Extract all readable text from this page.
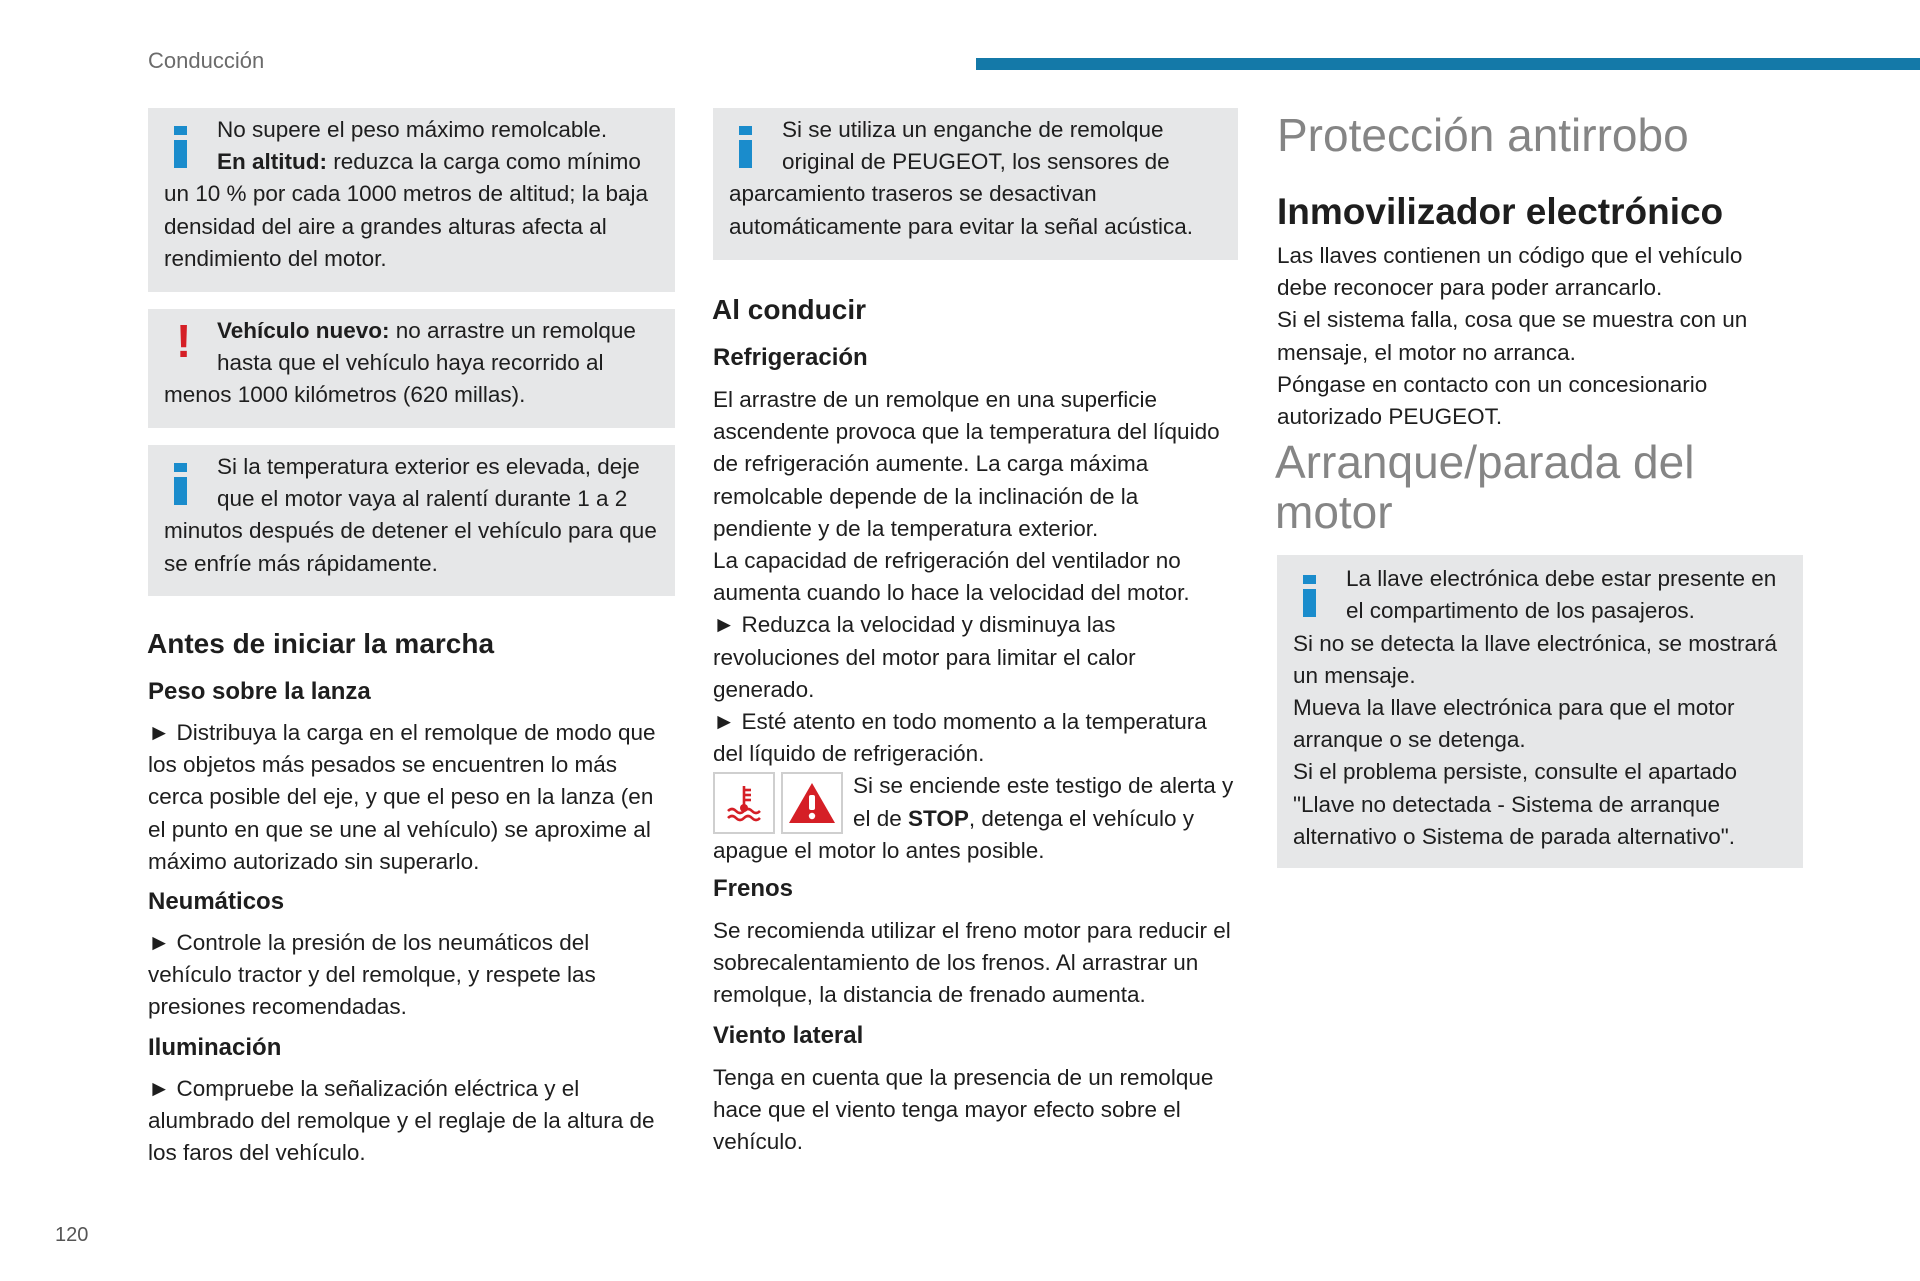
Conducción
120

No supere el peso máximo remolcable.
En altitud: reduzca la carga como mínimo un 10 % por cada 1000 metros de altitud; la baja densidad del aire a grandes alturas afecta al rendimiento del motor.

!	Vehículo nuevo: no arrastre un remolque hasta que el vehículo haya recorrido al menos 1000 kilómetros (620 millas).

Si la temperatura exterior es elevada, deje que el motor vaya al ralentí durante 1 a 2 minutos después de detener el vehículo para que se enfríe más rápidamente.

Antes de iniciar la marcha
Peso sobre la lanza

► Distribuya la carga en el remolque de modo que los objetos más pesados se encuentren lo más cerca posible del eje, y que el peso en la lanza (en el punto en que se une al vehículo) se aproxime al máximo autorizado sin superarlo.

Neumáticos

► Controle la presión de los neumáticos del vehículo tractor y del remolque, y respete las presiones recomendadas.

Iluminación

► Compruebe la señalización eléctrica y el alumbrado del remolque y el reglaje de la altura de los faros del vehículo.

Si se utiliza un enganche de remolque original de PEUGEOT, los sensores de aparcamiento traseros se desactivan automáticamente para evitar la señal acústica.

Al conducir
Refrigeración

El arrastre de un remolque en una superficie ascendente provoca que la temperatura del líquido de refrigeración aumente. La carga máxima remolcable depende de la inclinación de la pendiente y de la temperatura exterior.

La capacidad de refrigeración del ventilador no aumenta cuando lo hace la velocidad del motor.

► Reduzca la velocidad y disminuya las revoluciones del motor para limitar el calor generado.

► Esté atento en todo momento a la temperatura del líquido de refrigeración.

Si se enciende este testigo de alerta y el de STOP, detenga el vehículo y apague el motor lo antes posible.

Frenos

Se recomienda utilizar el freno motor para reducir el sobrecalentamiento de los frenos. Al arrastrar un remolque, la distancia de frenado aumenta.

Viento lateral

Tenga en cuenta que la presencia de un remolque hace que el viento tenga mayor efecto sobre el vehículo.

Protección antirrobo
Inmovilizador electrónico

Las llaves contienen un código que el vehículo debe reconocer para poder arrancarlo.

Si el sistema falla, cosa que se muestra con un mensaje, el motor no arranca.

Póngase en contacto con un concesionario autorizado PEUGEOT.

Arranque/parada del motor

La llave electrónica debe estar presente en el compartimento de los pasajeros.

Si no se detecta la llave electrónica, se mostrará un mensaje.

Mueva la llave electrónica para que el motor arranque o se detenga.

Si el problema persiste, consulte el apartado "Llave no detectada - Sistema de arranque alternativo o Sistema de parada alternativo".
